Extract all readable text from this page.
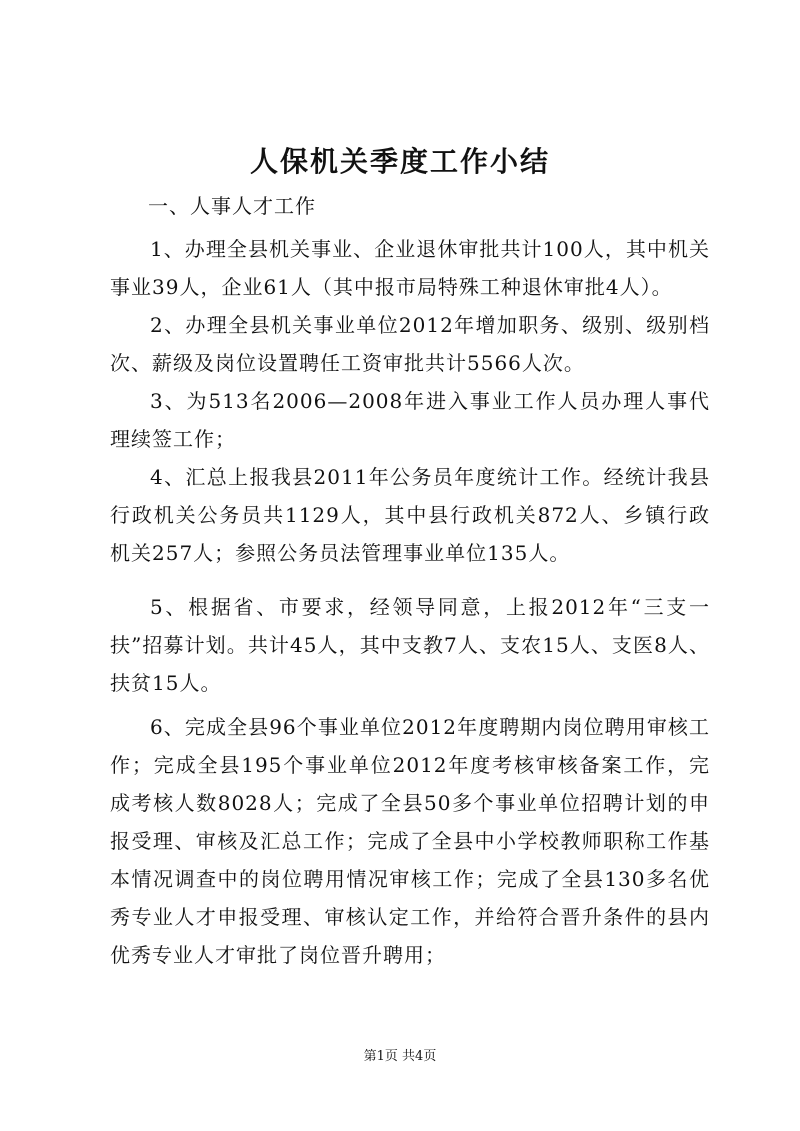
人保机关季度工作小结
一、人事人才工作

1、办理全县机关事业、企业退休审批共计100人，其中机关事业39人，企业61人（其中报市局特殊工种退休审批4人）。

2、办理全县机关事业单位2012年增加职务、级别、级别档次、薪级及岗位设置聘任工资审批共计5566人次。

3、为513名2006—2008年进入事业工作人员办理人事代理续签工作；

4、汇总上报我县2011年公务员年度统计工作。经统计我县行政机关公务员共1129人，其中县行政机关872人、乡镇行政机关257人；参照公务员法管理事业单位135人。

5、根据省、市要求，经领导同意，上报2012年“三支一扶”招募计划。共计45人，其中支教7人、支农15人、支医8人、扶贫15人。

6、完成全县96个事业单位2012年度聘期内岗位聘用审核工作；完成全县195个事业单位2012年度考核审核备案工作，完成考核人数8028人；完成了全县50多个事业单位招聘计划的申报受理、审核及汇总工作；完成了全县中小学校教师职称工作基本情况调查中的岗位聘用情况审核工作；完成了全县130多名优秀专业人才申报受理、审核认定工作，并给符合晋升条件的县内优秀专业人才审批了岗位晋升聘用；

第1页 共4页
